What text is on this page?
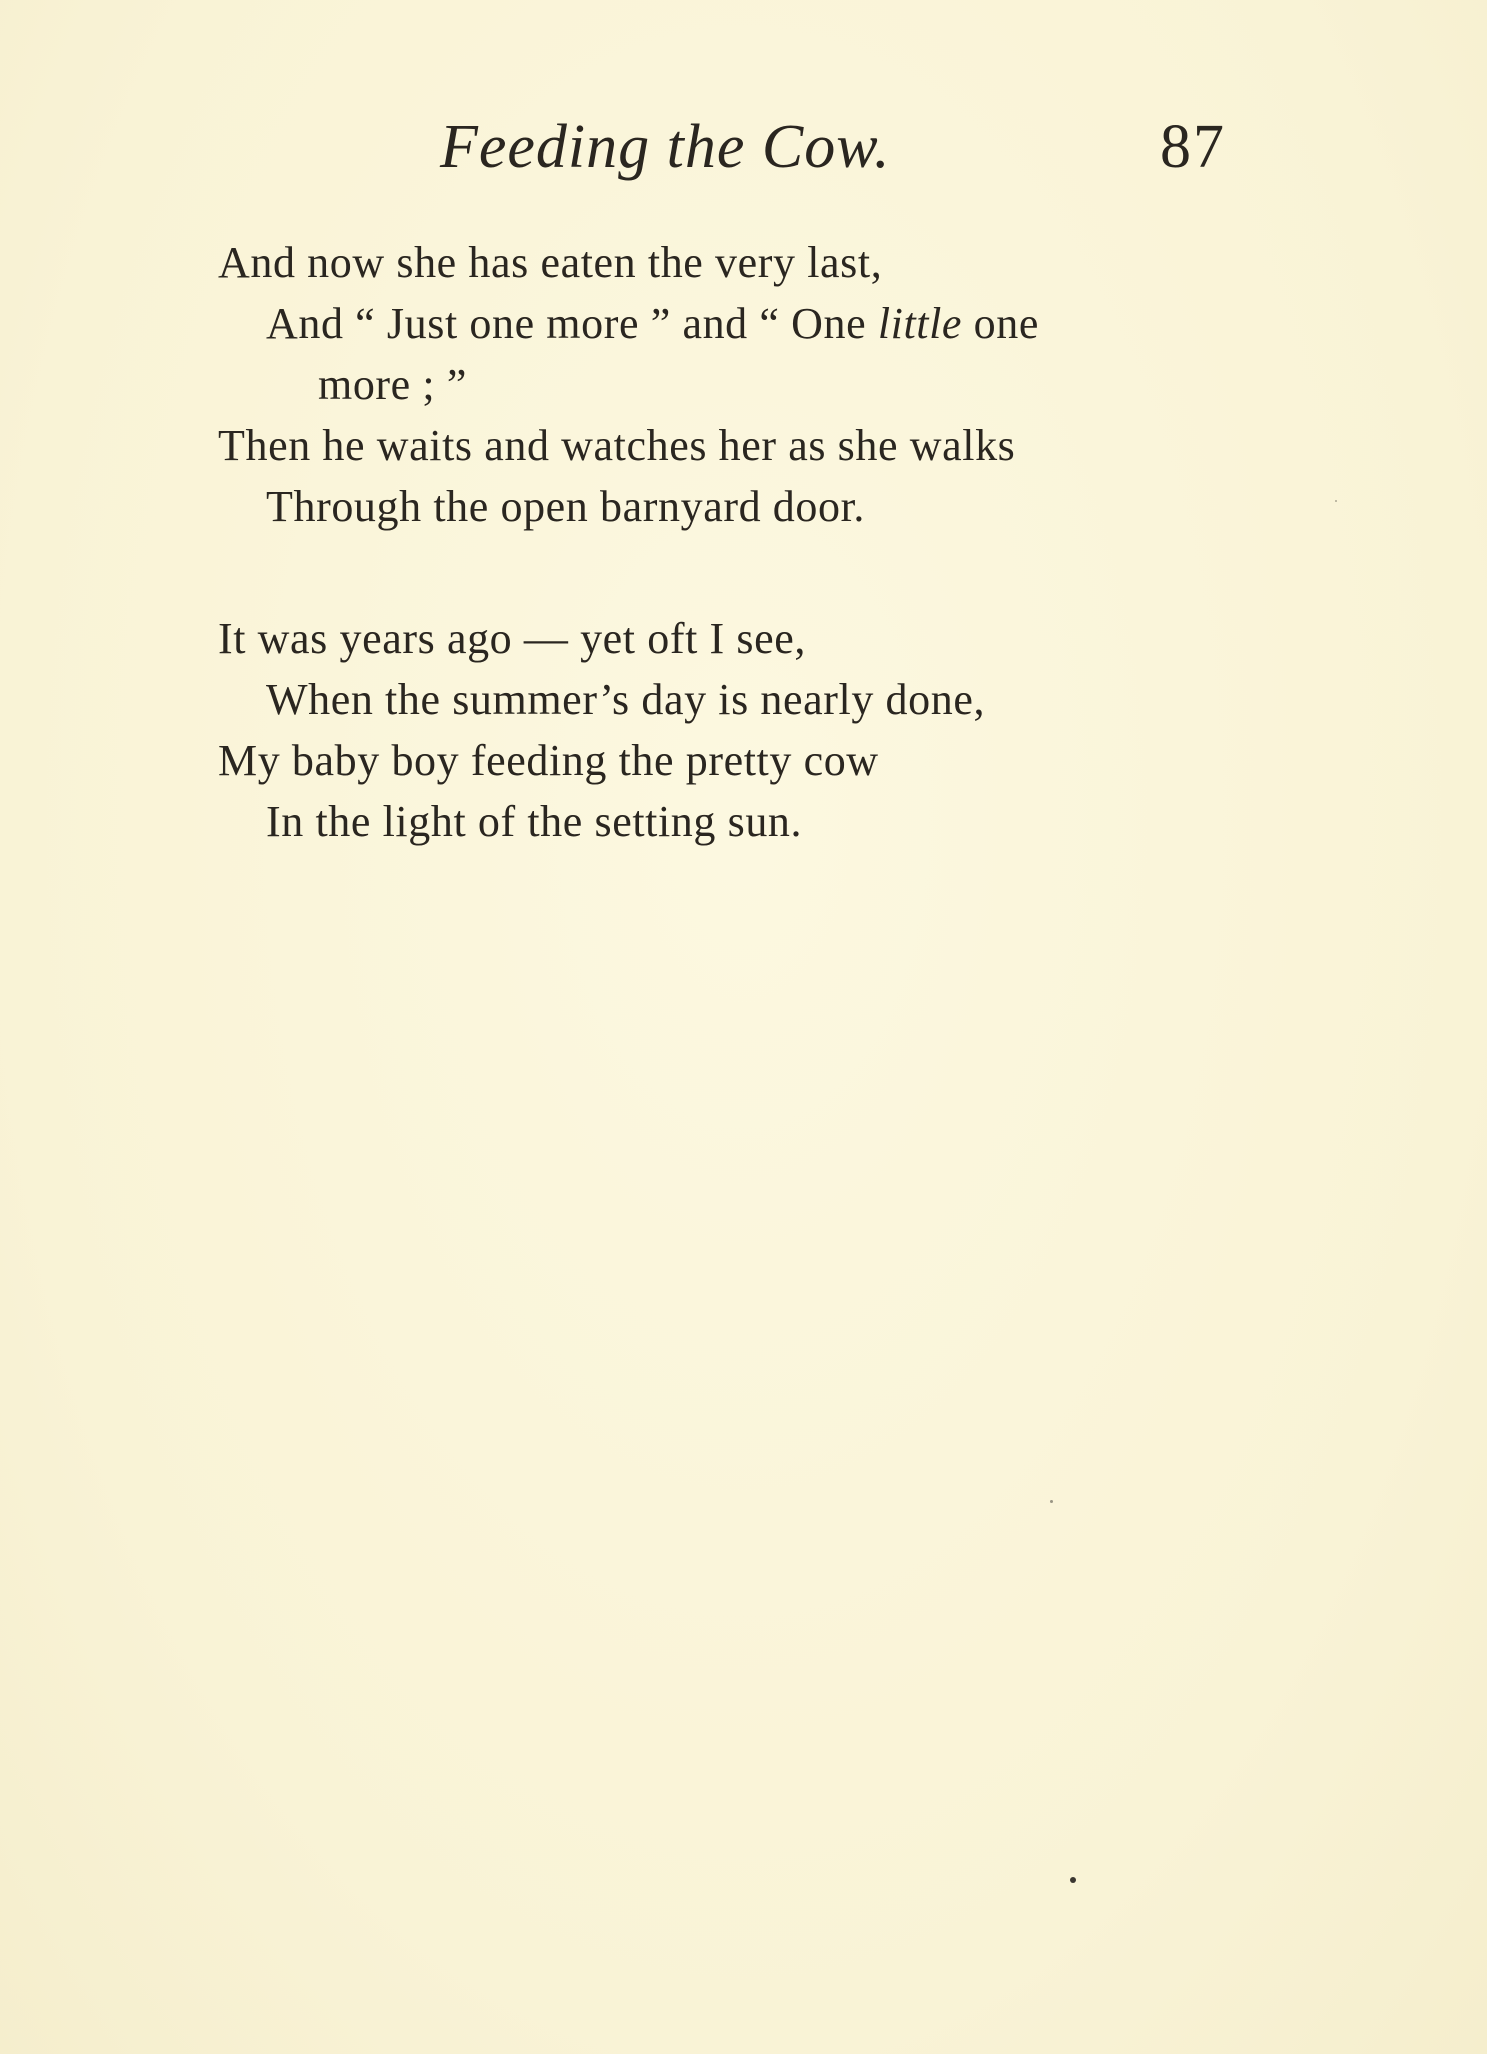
Feeding the Cow.	87
And now she has eaten the very last,
And “ Just one more ” and “ One little one
more ; ”
Then he waits and watches her as she walks
Through the open barnyard door.
It was years ago — yet oft I see,
When the summer’s day is nearly done,
My baby boy feeding the pretty cow
In the light of the setting sun.
